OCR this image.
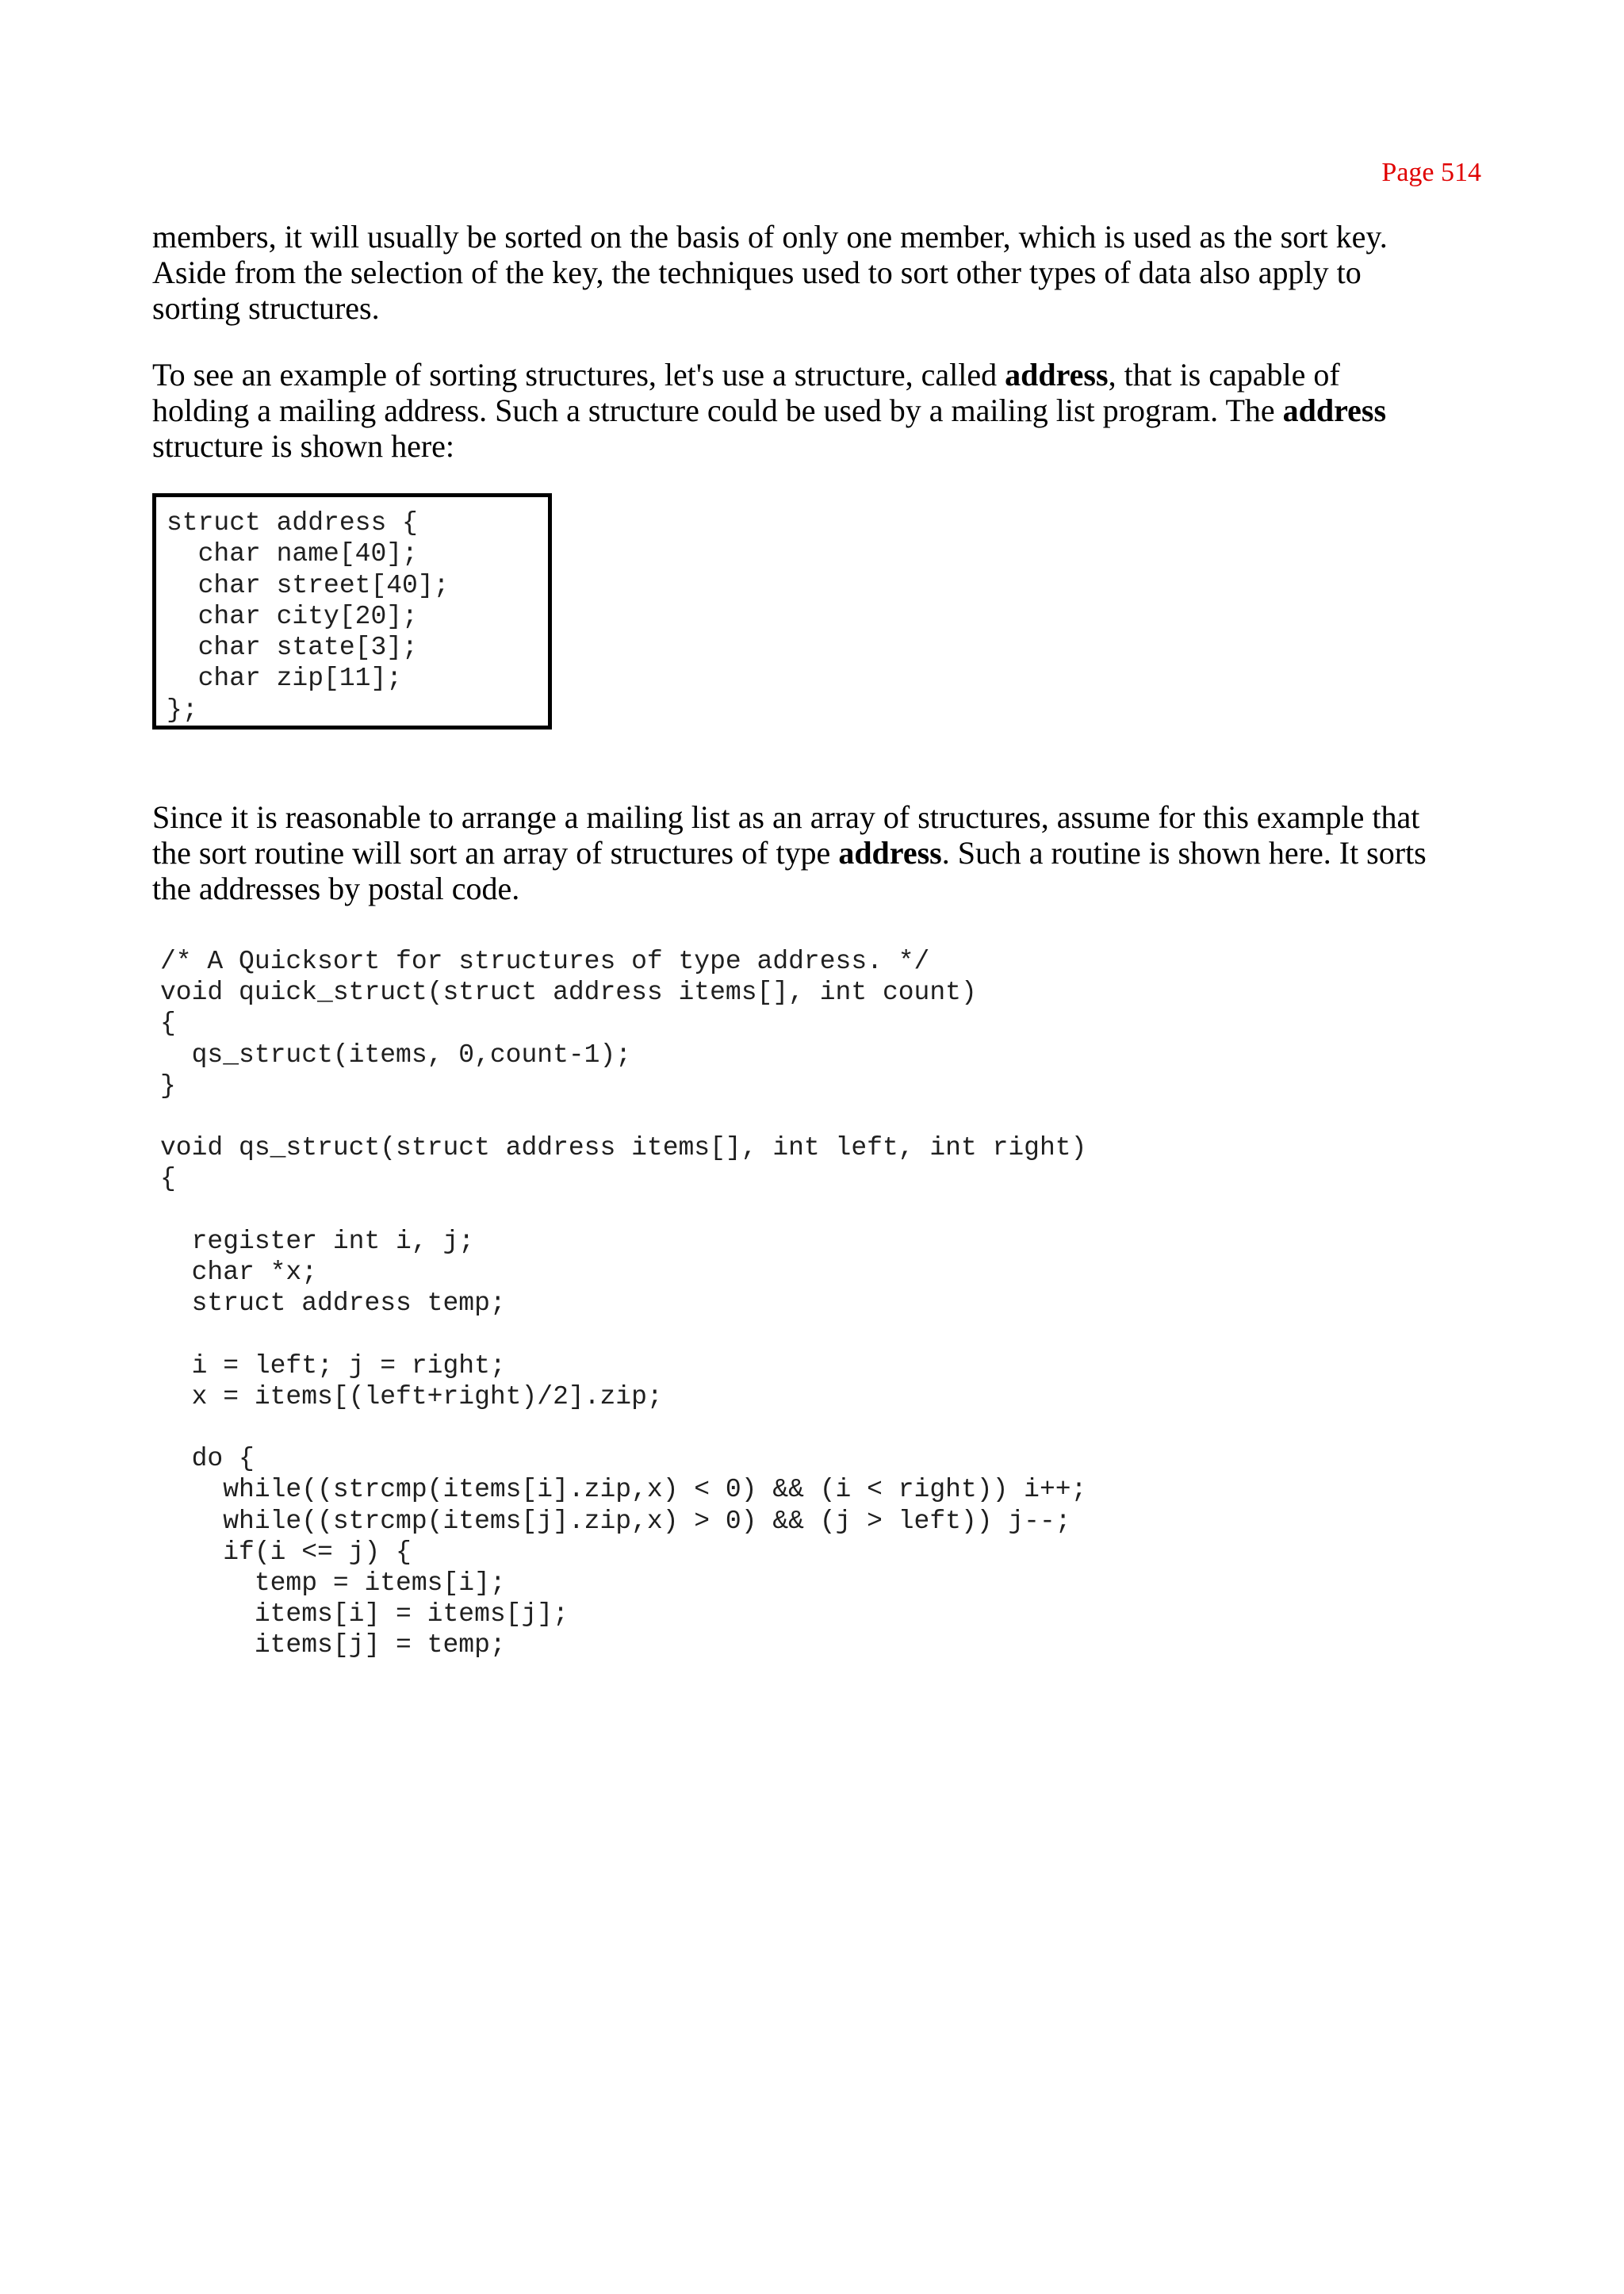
Page 514

members, it will usually be sorted on the basis of only one member, which is used as the sort key.
Aside from the selection of the key, the techniques used to sort other types of data also apply to
sorting structures.

To see an example of sorting structures, let's use a structure, called address, that is capable of
holding a mailing address. Such a structure could be used by a mailing list program. The address
structure is shown here:

struct address {
char name[40];
char street[40];
char city[20];
char state[3];
char zip[11];
};

Since it is reasonable to arrange a mailing list as an array of structures, assume for this example that
the sort routine will sort an array of structures of type address. Such a routine is shown here. It sorts
the addresses by postal code.

/* A Quicksort for structures of type address. */
void quick_struct(struct address items[], int count)
{
qs_struct(items, 0,count-1);
}

void qs_struct(struct address items[], int left, int right)
{

register int i, j;
char *x;
struct address temp;

i = left; j = right;
x = items[(left+right)/2].zip;

do {
while((strcmp(items[i].zip,x) < 0) && (i < right)) i++;
while((strcmp(items[j].zip,x) > 0) && (j > left)) j--;
if(i <= j) {
temp = items[i];
items[i] = items[j];
items[j] = temp;
